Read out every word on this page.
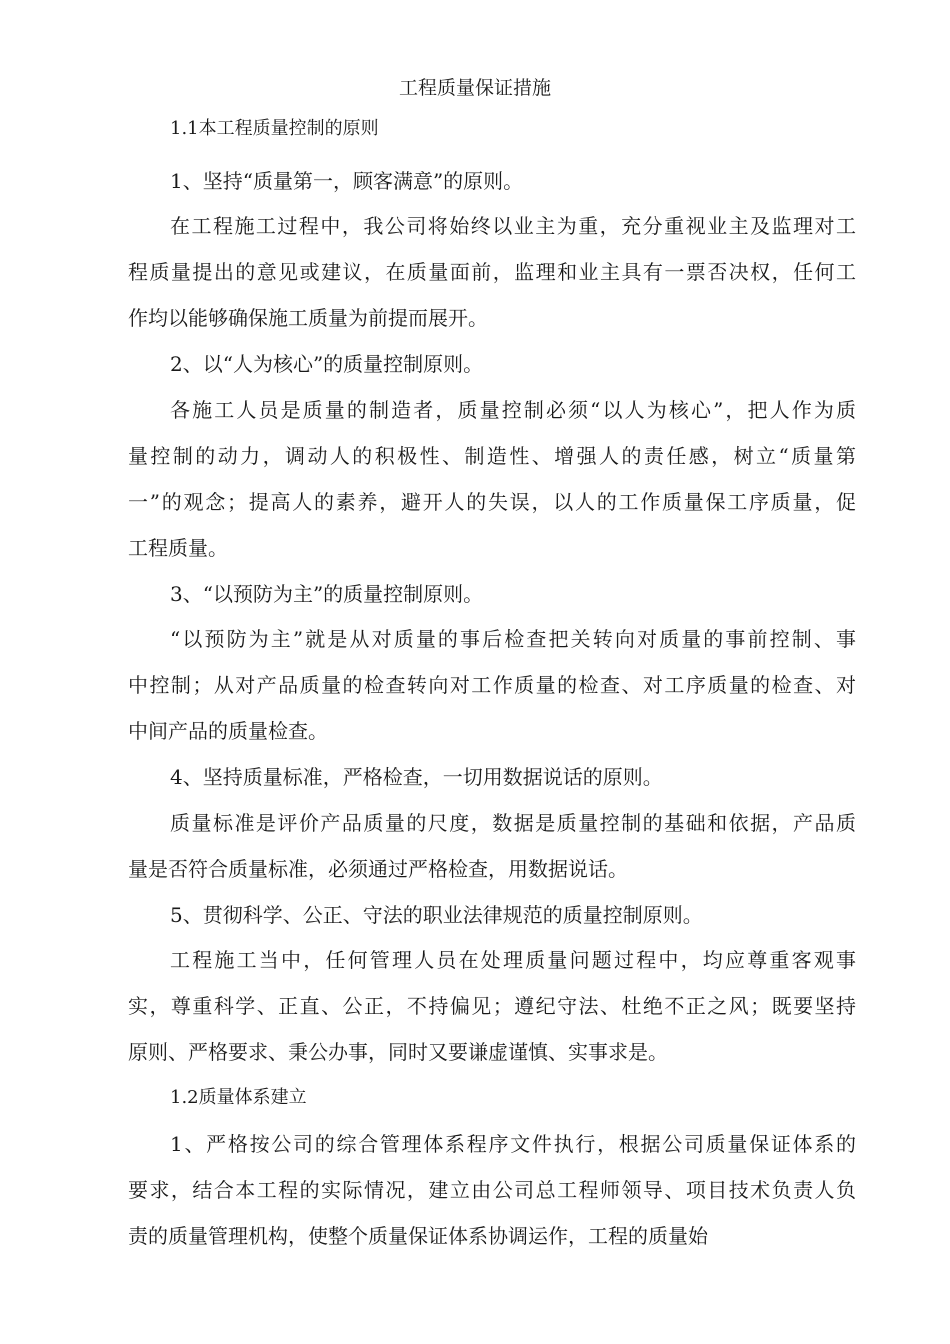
工程质量保证措施
1.1本工程质量控制的原则
1、坚持“质量第一，顾客满意”的原则。
在工程施工过程中，我公司将始终以业主为重，充分重视业主及监理对工
程质量提出的意见或建议，在质量面前，监理和业主具有一票否决权，任何工
作均以能够确保施工质量为前提而展开。
2、以“人为核心”的质量控制原则。
各施工人员是质量的制造者，质量控制必须“以人为核心”，把人作为质
量控制的动力，调动人的积极性、制造性、增强人的责任感，树立“质量第
一”的观念；提高人的素养，避开人的失误，以人的工作质量保工序质量，促
工程质量。
3、“以预防为主”的质量控制原则。
“以预防为主”就是从对质量的事后检查把关转向对质量的事前控制、事
中控制；从对产品质量的检查转向对工作质量的检查、对工序质量的检查、对
中间产品的质量检查。
4、坚持质量标准，严格检查，一切用数据说话的原则。
质量标准是评价产品质量的尺度，数据是质量控制的基础和依据，产品质
量是否符合质量标准，必须通过严格检查，用数据说话。
5、贯彻科学、公正、守法的职业法律规范的质量控制原则。
工程施工当中，任何管理人员在处理质量问题过程中，均应尊重客观事
实，尊重科学、正直、公正，不持偏见；遵纪守法、杜绝不正之风；既要坚持
原则、严格要求、秉公办事，同时又要谦虚谨慎、实事求是。
1.2质量体系建立
1、严格按公司的综合管理体系程序文件执行，根据公司质量保证体系的
要求，结合本工程的实际情况，建立由公司总工程师领导、项目技术负责人负
责的质量管理机构，使整个质量保证体系协调运作，工程的质量始
